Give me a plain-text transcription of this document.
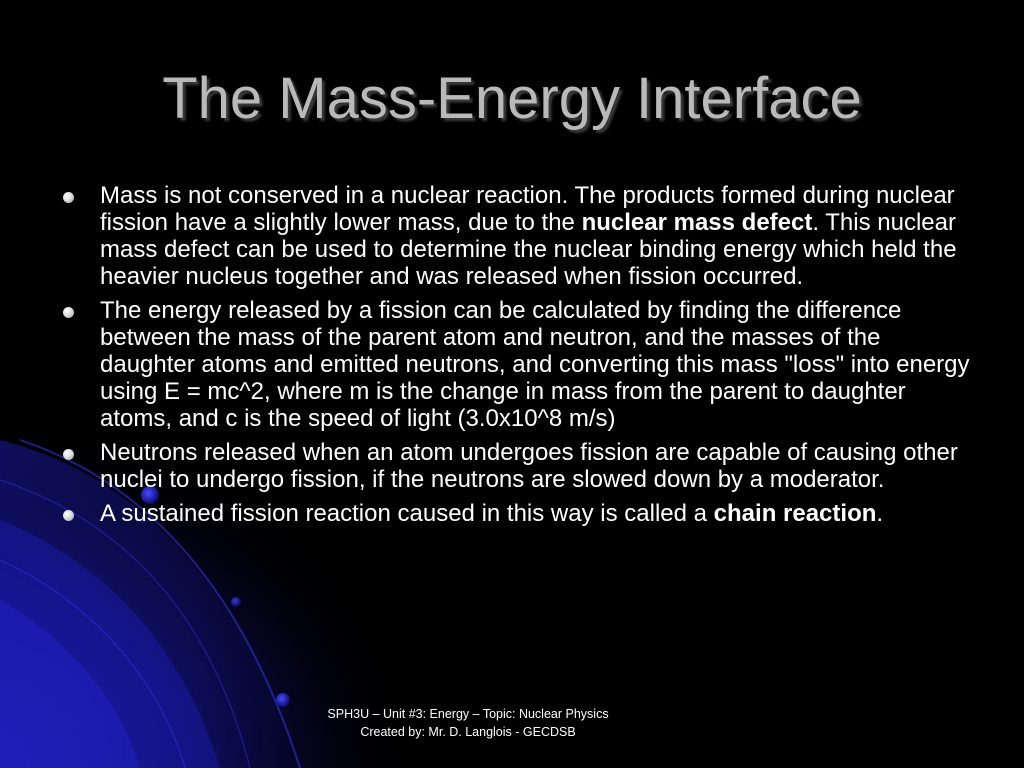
The Mass-Energy Interface
Mass is not conserved in a nuclear reaction. The products formed during nuclear fission have a slightly lower mass, due to the nuclear mass defect. This nuclear mass defect can be used to determine the nuclear binding energy which held the heavier nucleus together and was released when fission occurred.
The energy released by a fission can be calculated by finding the difference between the mass of the parent atom and neutron, and the masses of the daughter atoms and emitted neutrons, and converting this mass "loss" into energy using E = mc^2, where m is the change in mass from the parent to daughter atoms, and c is the speed of light (3.0x10^8 m/s)
Neutrons released when an atom undergoes fission are capable of causing other nuclei to undergo fission, if the neutrons are slowed down by a moderator.
A sustained fission reaction caused in this way is called a chain reaction.
SPH3U – Unit #3: Energy – Topic: Nuclear Physics
Created by: Mr. D. Langlois - GECDSB
